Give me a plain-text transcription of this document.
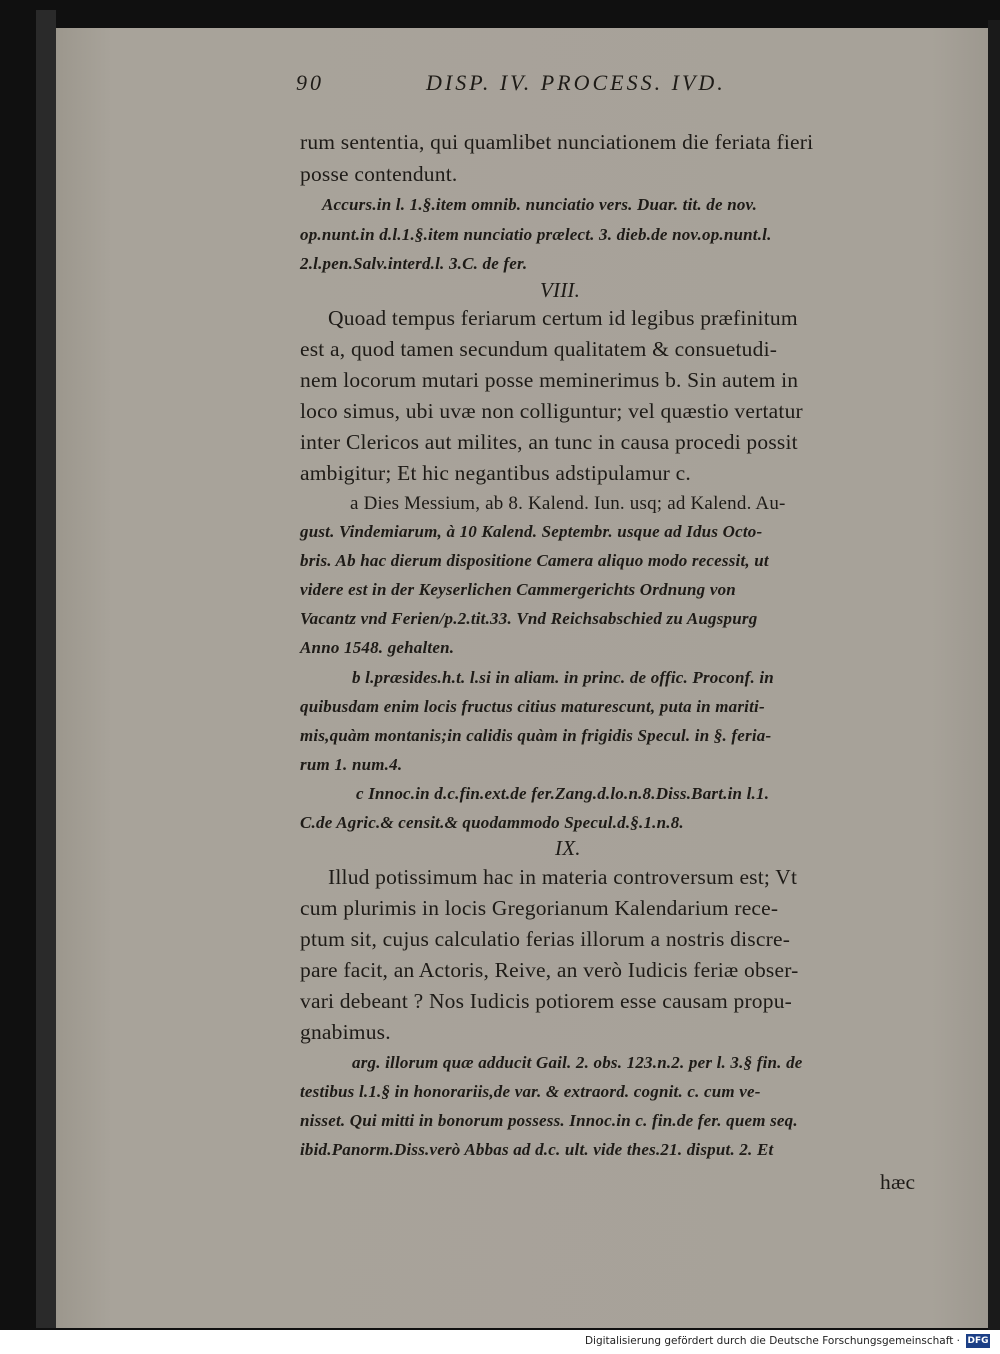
90	DISP. IV. PROCESS. IVD.
rum sententia, qui quamlibet nunciationem die feriata fieri
posse contendunt.
Accurs.in l. 1.§.item omnib. nunciatio vers. Duar. tit. de nov.
op.nunt.in d.l.1.§.item nunciatio prælect. 3. dieb.de nov.op.nunt.l.
2.l.pen.Salv.interd.l. 3.C. de fer.
VIII.
Quoad tempus feriarum certum id legibus præfinitum
est a, quod tamen secundum qualitatem & consuetudi-
nem locorum mutari posse meminerimus b. Sin autem in
loco simus, ubi uvæ non colliguntur; vel quæstio vertatur
inter Clericos aut milites, an tunc in causa procedi possit
ambigitur; Et hic negantibus adstipulamur c.
a Dies Messium, ab 8. Kalend. Iun. usq; ad Kalend. Au-
gust. Vindemiarum, à 10 Kalend. Septembr. usque ad Idus Octo-
bris. Ab hac dierum dispositione Camera aliquo modo recessit, ut
videre est in der Keyserlichen Cammergerichts Ordnung von
Vacantz vnd Ferien/p.2.tit.33. Vnd Reichsabschied zu Augspurg
Anno 1548. gehalten.
b l.præsides.h.t. l.si in aliam. in princ. de offic. Proconf. in
quibusdam enim locis fructus citius maturescunt, puta in mariti-
mis,quàm montanis;in calidis quàm in frigidis Specul. in §. feria-
rum 1. num.4.
c Innoc.in d.c.fin.ext.de fer.Zang.d.lo.n.8.Diss.Bart.in l.1.
C.de Agric.& censit.& quodammodo Specul.d.§.1.n.8.
IX.
Illud potissimum hac in materia controversum est; Vt
cum plurimis in locis Gregorianum Kalendarium rece-
ptum sit, cujus calculatio ferias illorum a nostris discre-
pare facit, an Actoris, Reive, an verò Iudicis feriæ obser-
vari debeant ? Nos Iudicis potiorem esse causam propu-
gnabimus.
arg. illorum quæ adducit Gail. 2. obs. 123.n.2. per l. 3.§ fin. de
testibus l.1.§ in honorariis,de var. & extraord. cognit. c. cum ve-
nisset. Qui mitti in bonorum possess. Innoc.in c. fin.de fer. quem seq.
ibid.Panorm.Diss.verò Abbas ad d.c. ult. vide thes.21. disput. 2. Et
hæc
Digitalisierung gefördert durch die Deutsche Forschungsgemeinschaft · DFG
